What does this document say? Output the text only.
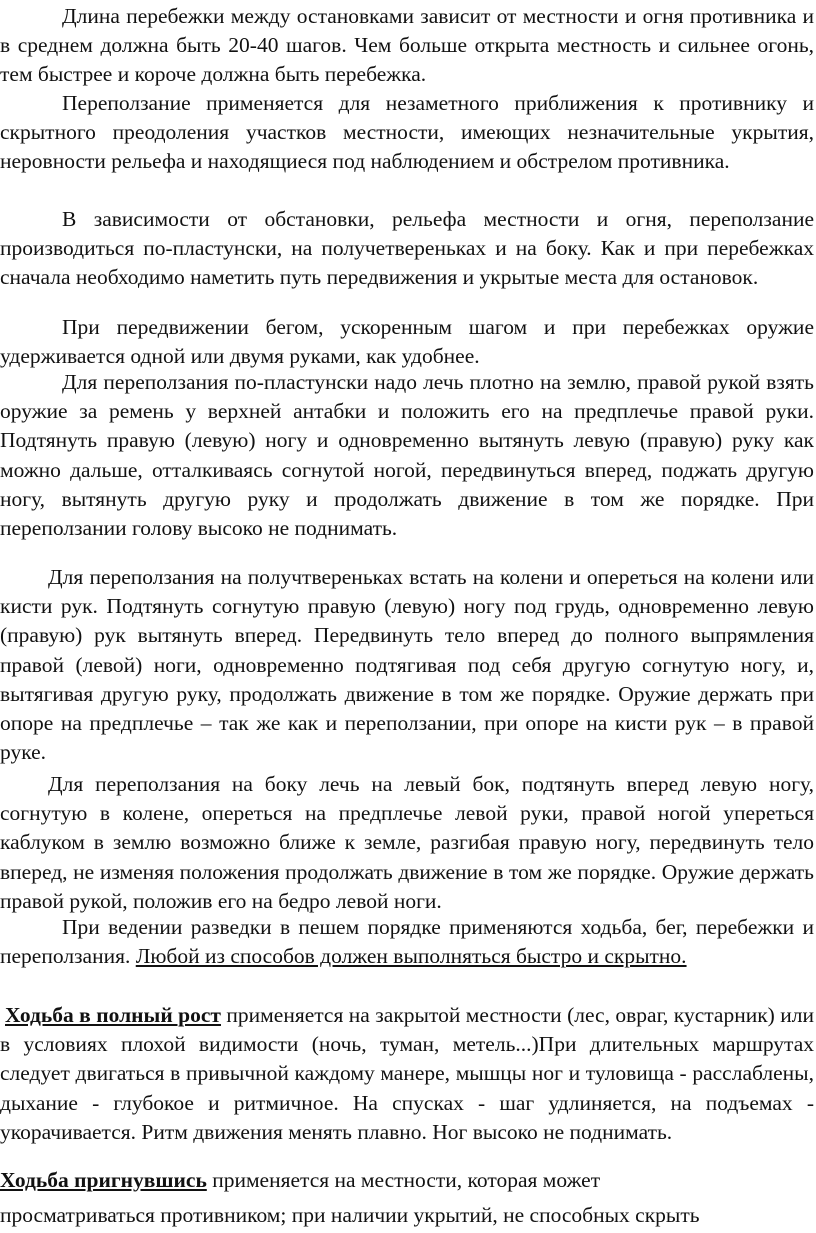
Длина перебежки между остановками зависит от местности и огня противника и в среднем должна быть 20-40 шагов. Чем больше открыта местность и сильнее огонь, тем быстрее и короче должна быть перебежка.

Переползание применяется для незаметного приближения к противнику и скрытного преодоления участков местности, имеющих незначительные укрытия, неровности рельефа и находящиеся под наблюдением и обстрелом противника.

В зависимости от обстановки, рельефа местности и огня, переползание производиться по-пластунски, на получетвереньках и на боку. Как и при перебежках сначала необходимо наметить путь передвижения и укрытые места для остановок.

При передвижении бегом, ускоренным шагом и при перебежках оружие удерживается одной или двумя руками, как удобнее.

Для переползания по-пластунски надо лечь плотно на землю, правой рукой взять оружие за ремень у верхней антабки и положить его на предплечье правой руки. Подтянуть правую (левую) ногу и одновременно вытянуть левую (правую) руку как можно дальше, отталкиваясь согнутой ногой, передвинуться вперед, поджать другую ногу, вытянуть другую руку и продолжать движение в том же порядке. При переползании голову высоко не поднимать.

Для переползания на получтвереньках встать на колени и опереться на колени или кисти рук. Подтянуть согнутую правую (левую) ногу под грудь, одновременно левую (правую) рук вытянуть вперед. Передвинуть тело вперед до полного выпрямления правой (левой) ноги, одновременно подтягивая под себя другую согнутую ногу, и, вытягивая другую руку, продолжать движение в том же порядке. Оружие держать при опоре на предплечье – так же как и переползании, при опоре на кисти рук – в правой руке.

Для переползания на боку лечь на левый бок, подтянуть вперед левую ногу, согнутую в колене, опереться на предплечье левой руки, правой ногой упереться каблуком в землю возможно ближе к земле, разгибая правую ногу, передвинуть тело вперед, не изменяя положения продолжать движение в том же порядке. Оружие держать правой рукой, положив его на бедро левой ноги.

При ведении разведки в пешем порядке применяются ходьба, бег, перебежки и переползания. Любой из способов должен выполняться быстро и скрытно.

Ходьба в полный рост применяется на закрытой местности (лес, овраг, кустарник) или в условиях плохой видимости (ночь, туман, метель...)При длительных маршрутах следует двигаться в привычной каждому манере, мышцы ног и туловища - расслаблены, дыхание - глубокое и ритмичное. На спусках - шаг удлиняется, на подъемах - укорачивается. Ритм движения менять плавно. Ног высоко не поднимать.

Ходьба пригнувшись применяется на местности, которая может

просматриваться противником; при наличии укрытий, не способных скрыть
